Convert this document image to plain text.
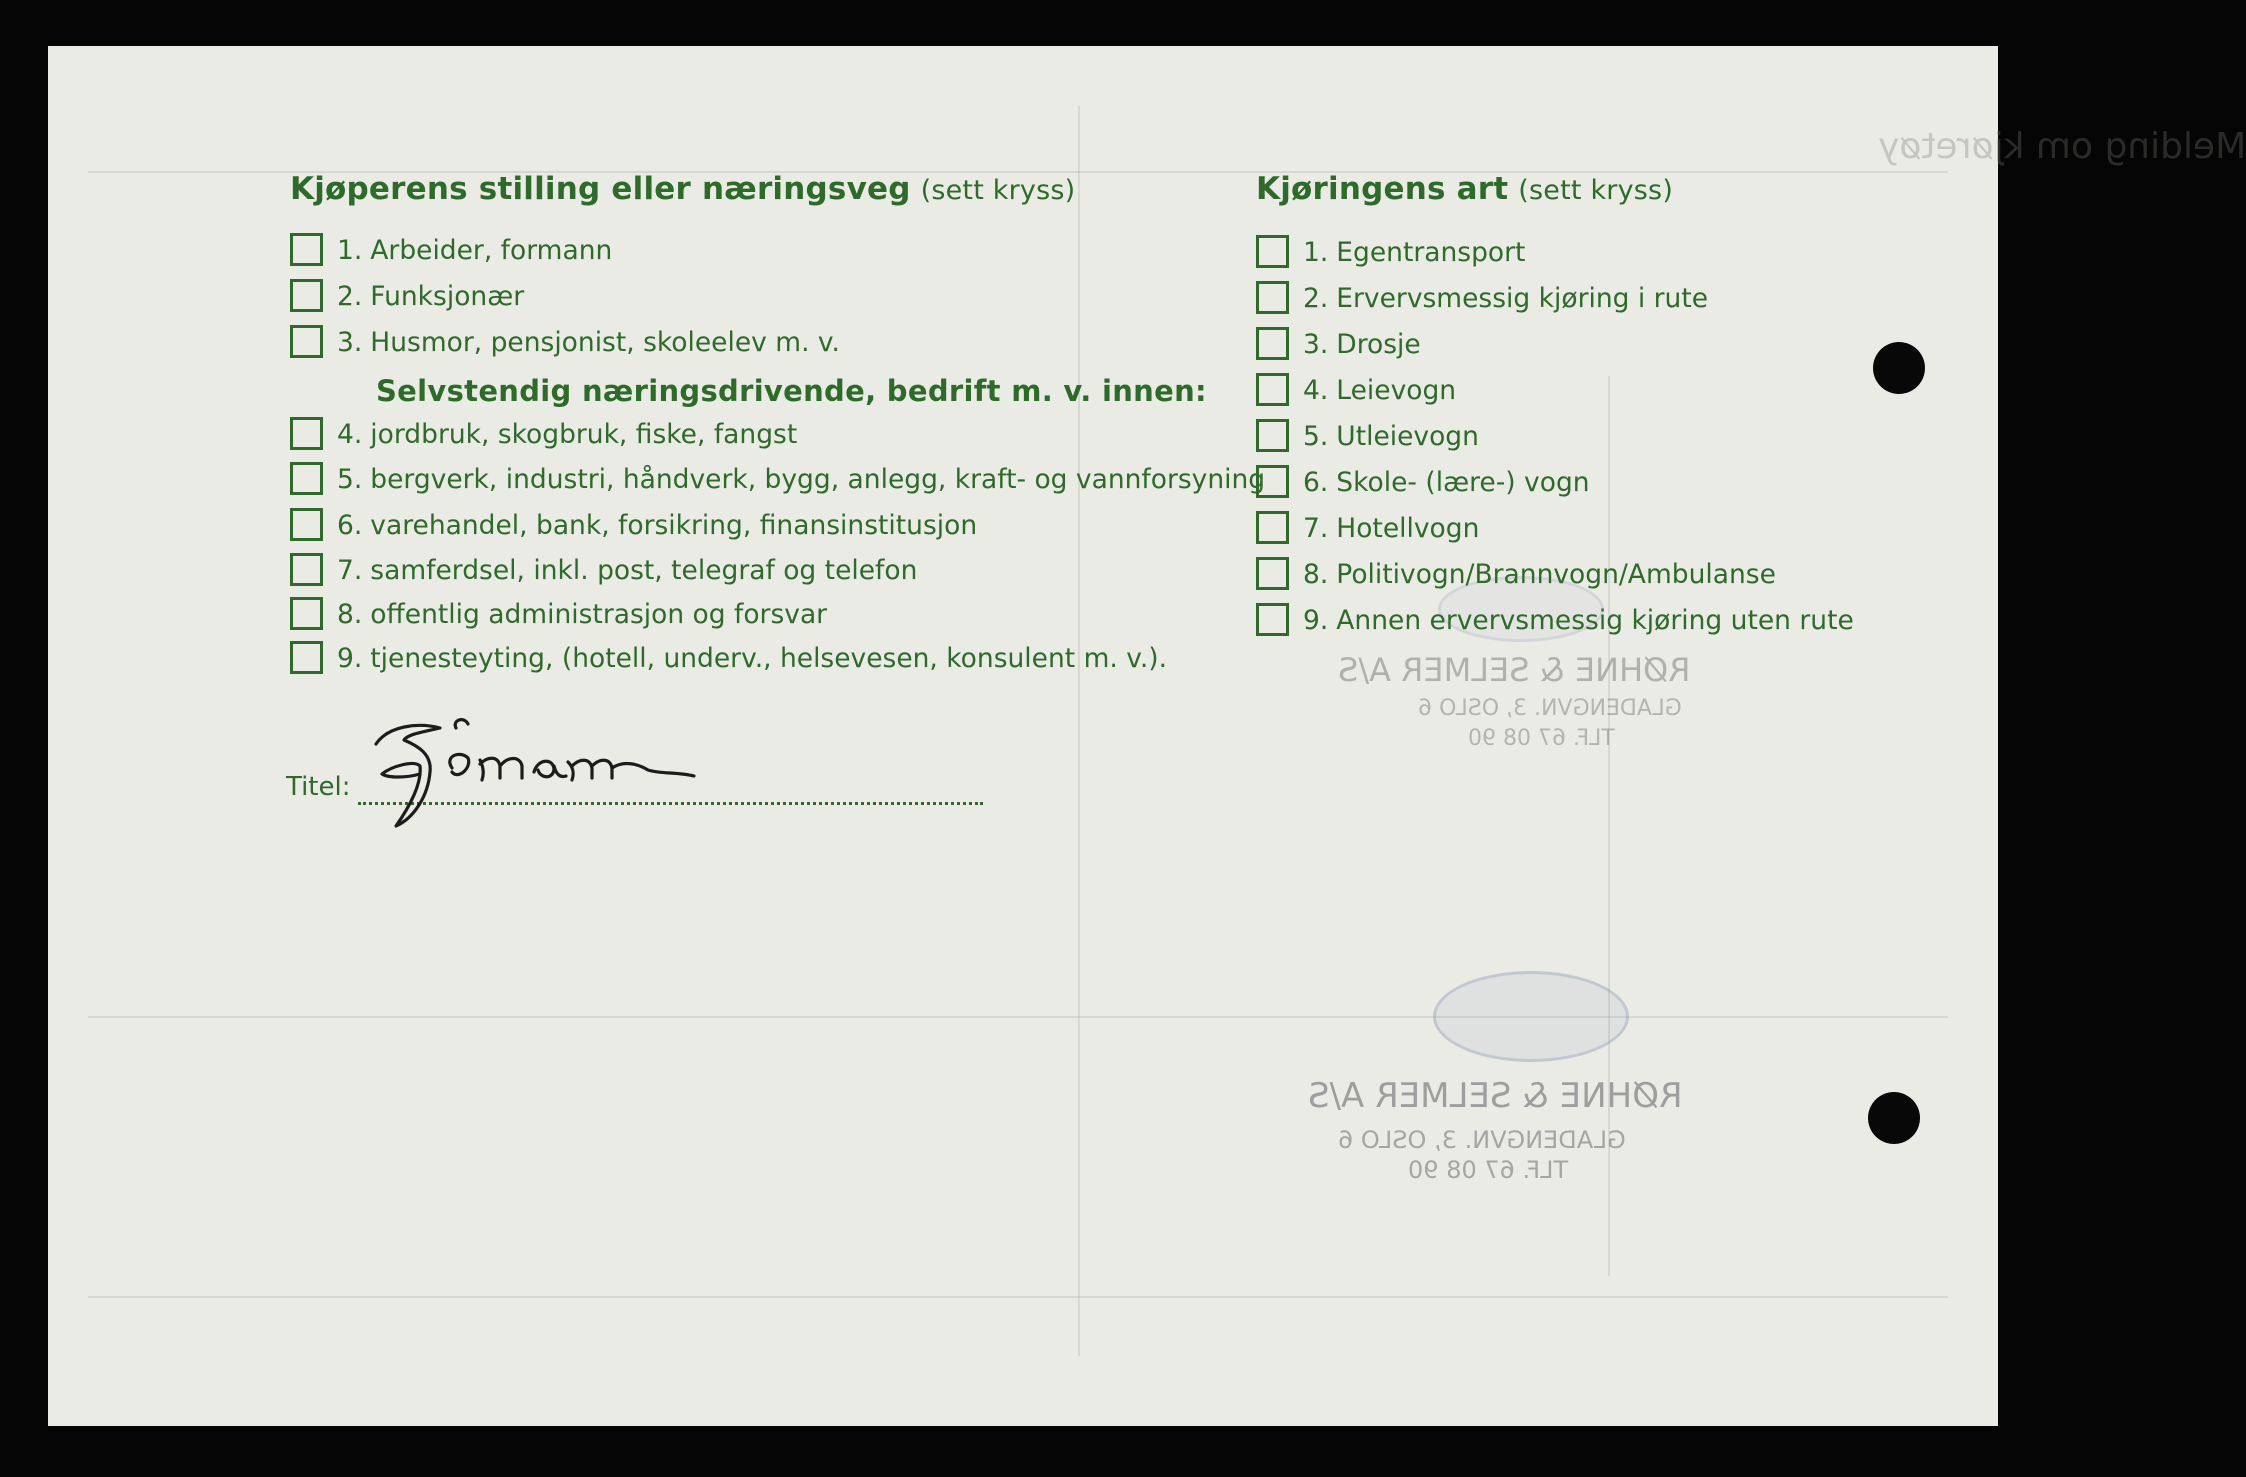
Melding om kjøretøy
RØHNE & SELMER A/S
GLADENGVN. 3, OSLO 6
TLF. 67 08 90
RØHNE & SELMER A/S
GLADENGVN. 3, OSLO 6
TLF. 67 08 90
Kjøperens stilling eller næringsveg (sett kryss)
1. Arbeider, formann
2. Funksjonær
3. Husmor, pensjonist, skoleelev m. v.
Selvstendig næringsdrivende, bedrift m. v. innen:
4. jordbruk, skogbruk, fiske, fangst
5. bergverk, industri, håndverk, bygg, anlegg, kraft- og vannforsyning
6. varehandel, bank, forsikring, finansinstitusjon
7. samferdsel, inkl. post, telegraf og telefon
8. offentlig administrasjon og forsvar
9. tjenesteyting, (hotell, underv., helsevesen, konsulent m. v.).
Titel:
Kjøringens art (sett kryss)
1. Egentransport
2. Ervervsmessig kjøring i rute
3. Drosje
4. Leievogn
5. Utleievogn
6. Skole- (lære-) vogn
7. Hotellvogn
8. Politivogn/Brannvogn/Ambulanse
9. Annen ervervsmessig kjøring uten rute
